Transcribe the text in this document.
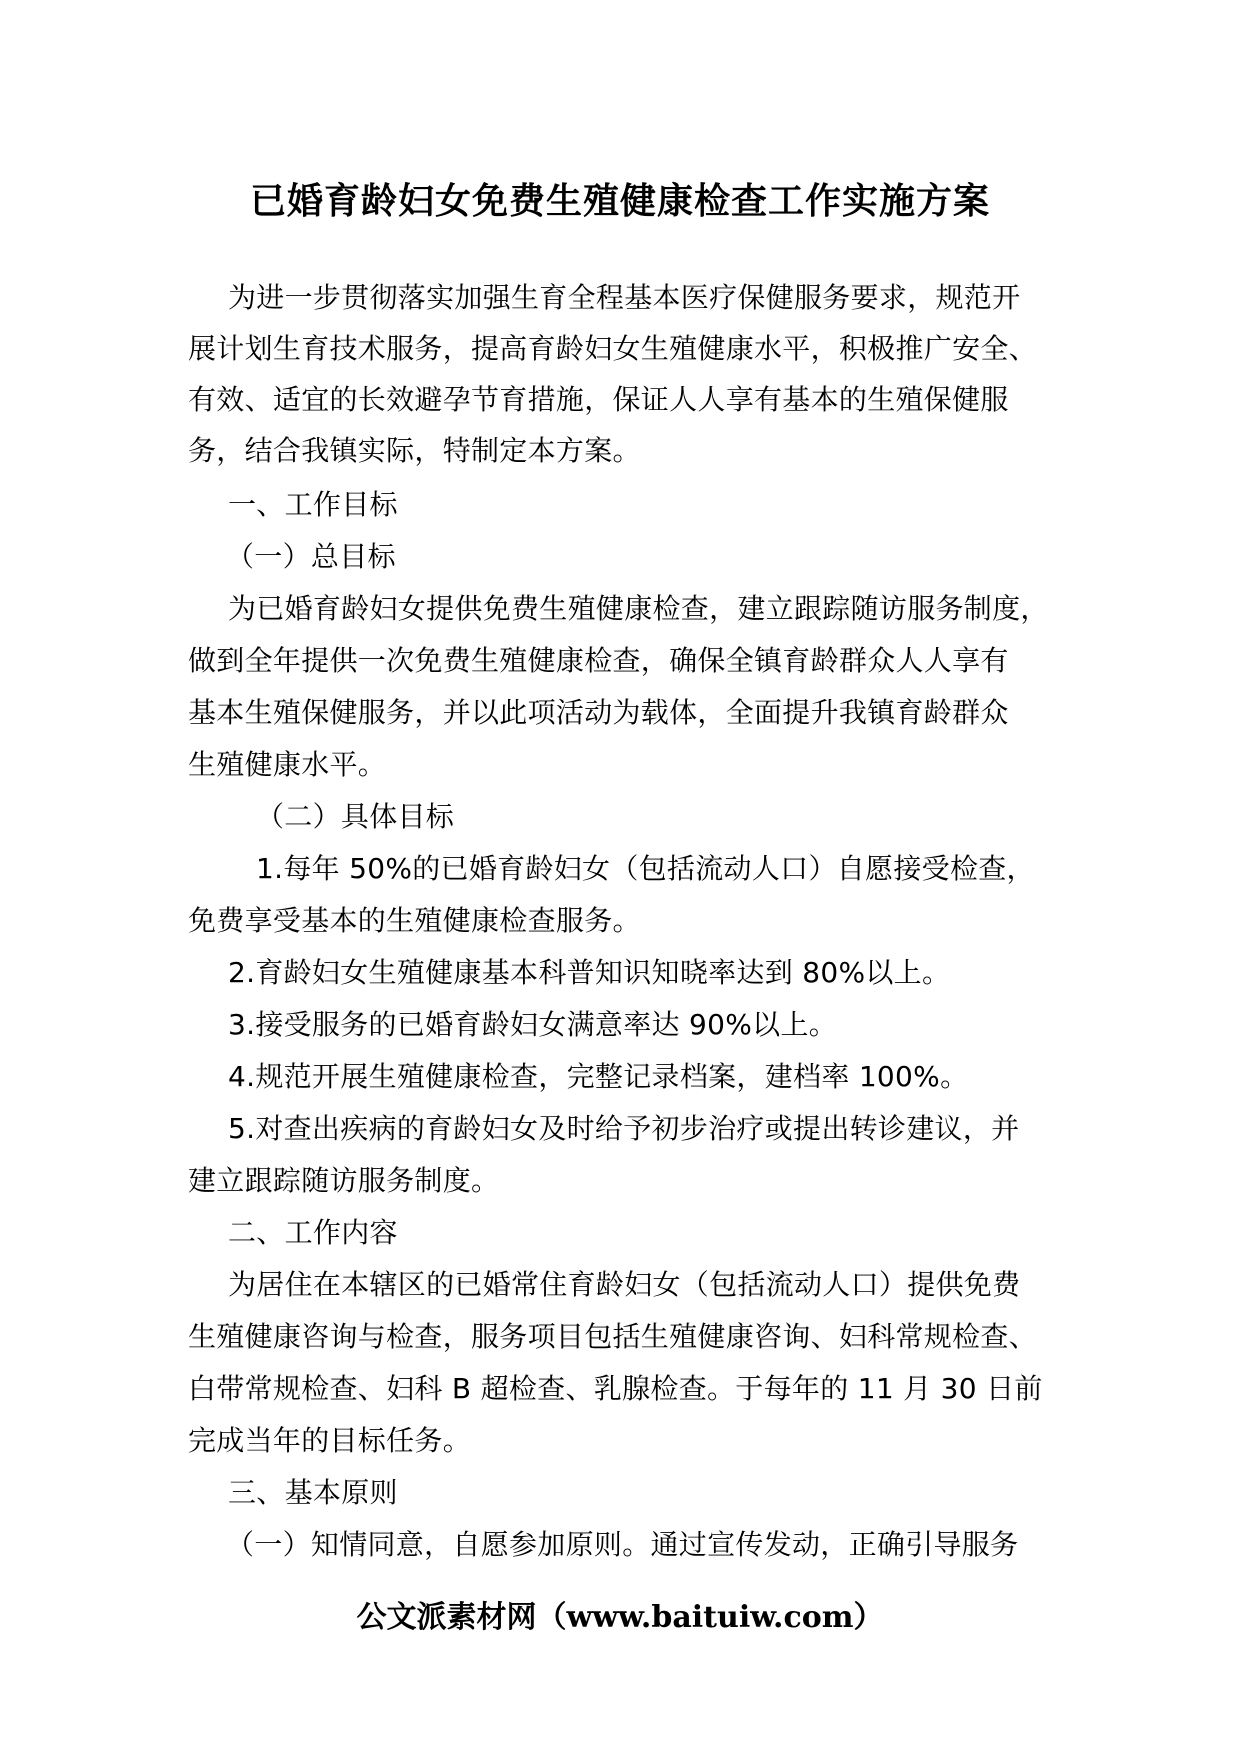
已婚育龄妇女免费生殖健康检查工作实施方案
为进一步贯彻落实加强生育全程基本医疗保健服务要求，规范开
展计划生育技术服务，提高育龄妇女生殖健康水平，积极推广安全、
有效、适宜的长效避孕节育措施，保证人人享有基本的生殖保健服
务，结合我镇实际，特制定本方案。
一、工作目标
（一）总目标
为已婚育龄妇女提供免费生殖健康检查，建立跟踪随访服务制度，
做到全年提供一次免费生殖健康检查，确保全镇育龄群众人人享有
基本生殖保健服务，并以此项活动为载体，全面提升我镇育龄群众
生殖健康水平。
（二）具体目标
1.每年 50%的已婚育龄妇女（包括流动人口）自愿接受检查，
免费享受基本的生殖健康检查服务。
2.育龄妇女生殖健康基本科普知识知晓率达到 80%以上。
3.接受服务的已婚育龄妇女满意率达 90%以上。
4.规范开展生殖健康检查，完整记录档案，建档率 100%。
5.对查出疾病的育龄妇女及时给予初步治疗或提出转诊建议，并
建立跟踪随访服务制度。
二、工作内容
为居住在本辖区的已婚常住育龄妇女（包括流动人口）提供免费
生殖健康咨询与检查，服务项目包括生殖健康咨询、妇科常规检查、
白带常规检查、妇科 B 超检查、乳腺检查。于每年的 11 月 30 日前
完成当年的目标任务。
三、基本原则
（一）知情同意，自愿参加原则。通过宣传发动，正确引导服务
公文派素材网（www.baituiw.com）
